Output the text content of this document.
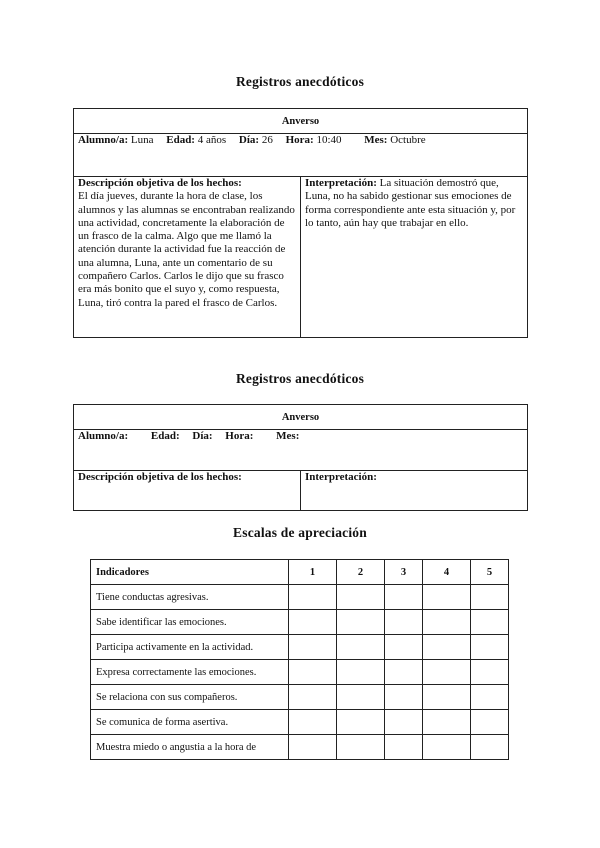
Registros anecdóticos
Anverso
Alumno/a: Luna Edad: 4 años Día: 26 Hora: 10:40 Mes: Octubre
Descripción objetiva de los hechos:
El día jueves, durante la hora de clase, los alumnos y las alumnas se encontraban realizando una actividad, concretamente la elaboración de un frasco de la calma. Algo que me llamó la atención durante la actividad fue la reacción de una alumna, Luna, ante un comentario de su compañero Carlos. Carlos le dijo que su frasco era más bonito que el suyo y, como respuesta, Luna, tiró contra la pared el frasco de Carlos.	Interpretación: La situación demostró que, Luna, no ha sabido gestionar sus emociones de forma correspondiente ante esta situación y, por lo tanto, aún hay que trabajar en ello.
Registros anecdóticos
Anverso
Alumno/a: Edad: Día: Hora: Mes:
Descripción objetiva de los hechos:	Interpretación:
Escalas de apreciación
Indicadores	1	2	3	4	5
Tiene conductas agresivas.					
Sabe identificar las emociones.					
Participa activamente en la actividad.					
Expresa correctamente las emociones.					
Se relaciona con sus compañeros.					
Se comunica de forma asertiva.					
Muestra miedo o angustia a la hora de					
